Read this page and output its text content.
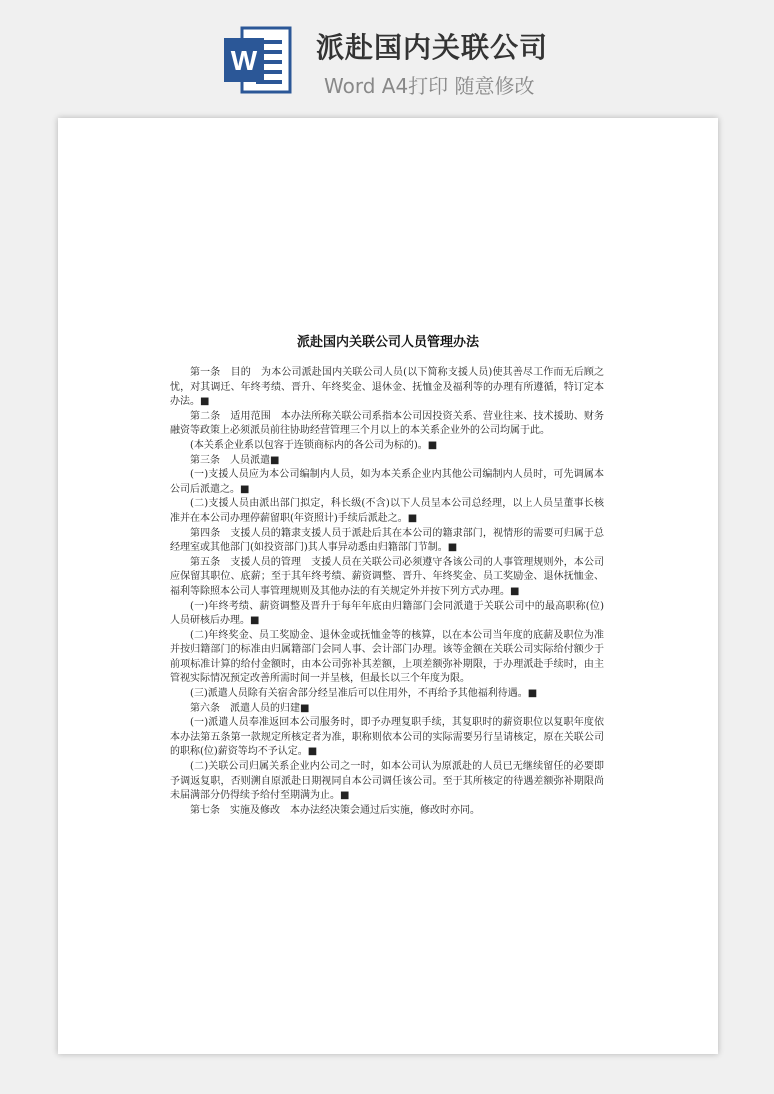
W 派赴国内关联公司
Word A4打印 随意修改
派赴国内关联公司人员管理办法

第一条　目的　为本公司派赴国内关联公司人员(以下简称支援人员)使其善尽工作而无后顾之忧，对其调迁、年终考绩、晋升、年终奖金、退休金、抚恤金及福利等的办理有所遵循，特订定本办法。■

第二条　适用范围　本办法所称关联公司系指本公司因投资关系、营业往来、技术援助、财务融资等政策上必须派员前往协助经营管理三个月以上的本关系企业外的公司均属于此。

(本关系企业系以包容于连锁商标内的各公司为标的)。■

第三条　人员派遣■

(一)支援人员应为本公司编制内人员，如为本关系企业内其他公司编制内人员时，可先调属本公司后派遣之。■

(二)支援人员由派出部门拟定，科长级(不含)以下人员呈本公司总经理，以上人员呈董事长核准并在本公司办理停薪留职(年资照计)手续后派赴之。■

第四条　支援人员的籍隶支援人员于派赴后其在本公司的籍隶部门，视情形的需要可归属于总经理室或其他部门(如投资部门)其人事异动悉由归籍部门节制。■

第五条　支援人员的管理　支援人员在关联公司必须遵守各该公司的人事管理规则外，本公司应保留其职位、底薪；至于其年终考绩、薪资调整、晋升、年终奖金、员工奖励金、退休抚恤金、福利等除照本公司人事管理规则及其他办法的有关规定外并按下列方式办理。■

(一)年终考绩、薪资调整及晋升于每年年底由归籍部门会同派遣于关联公司中的最高职称(位)人员研核后办理。■

(二)年终奖金、员工奖励金、退休金或抚恤金等的核算，以在本公司当年度的底薪及职位为准并按归籍部门的标准由归属籍部门会同人事、会计部门办理。该等金额在关联公司实际给付额少于前项标准计算的给付金额时，由本公司弥补其差额，上项差额弥补期限，于办理派赴手续时，由主管视实际情况预定改善所需时间一并呈核，但最长以三个年度为限。

(三)派遣人员除有关宿舍部分经呈准后可以住用外，不再给予其他福利待遇。■

第六条　派遣人员的归建■

(一)派遣人员奉准返回本公司服务时，即予办理复职手续，其复职时的薪资职位以复职年度依本办法第五条第一款规定所核定者为准，职称则依本公司的实际需要另行呈请核定，原在关联公司的职称(位)薪资等均不予认定。■

(二)关联公司归属关系企业内公司之一时，如本公司认为原派赴的人员已无继续留任的必要即予调返复职，否则溯自原派赴日期视同自本公司调任该公司。至于其所核定的待遇差额弥补期限尚未届满部分仍得续予给付至期满为止。■

第七条　实施及修改　本办法经决策会通过后实施，修改时亦同。
